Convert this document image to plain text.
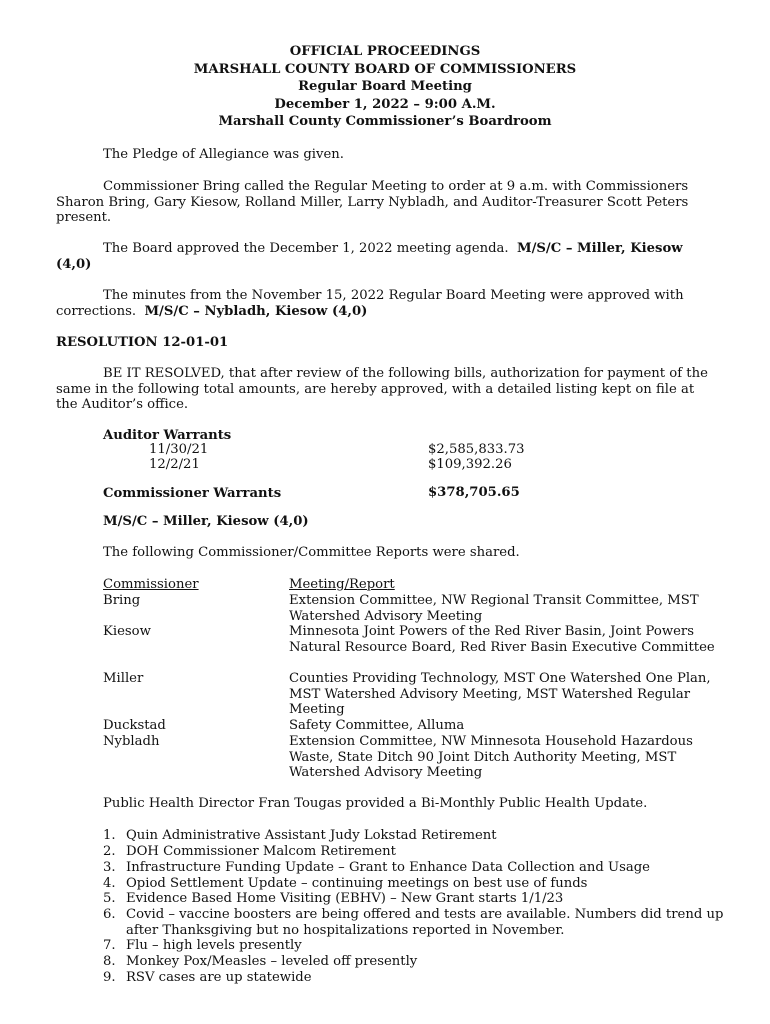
OFFICIAL PROCEEDINGS
MARSHALL COUNTY BOARD OF COMMISSIONERS
Regular Board Meeting
December 1, 2022 – 9:00 A.M.
Marshall County Commissioner’s Boardroom
The Pledge of Allegiance was given.
Commissioner Bring called the Regular Meeting to order at 9 a.m. with Commissioners Sharon Bring, Gary Kiesow, Rolland Miller, Larry Nybladh, and Auditor-Treasurer Scott Peters present.
The Board approved the December 1, 2022 meeting agenda. M/S/C – Miller, Kiesow (4,0)
The minutes from the November 15, 2022 Regular Board Meeting were approved with corrections. M/S/C – Nybladh, Kiesow (4,0)
RESOLUTION 12-01-01
BE IT RESOLVED, that after review of the following bills, authorization for payment of the same in the following total amounts, are hereby approved, with a detailed listing kept on file at the Auditor’s office.
Auditor Warrants
11/30/21	$2,585,833.73
12/2/21	$109,392.26
Commissioner Warrants	$378,705.65
M/S/C – Miller, Kiesow (4,0)
The following Commissioner/Committee Reports were shared.
Commissioner	Meeting/Report
Bring	Extension Committee, NW Regional Transit Committee, MST Watershed Advisory Meeting
Kiesow	Minnesota Joint Powers of the Red River Basin, Joint Powers Natural Resource Board, Red River Basin Executive Committee
Miller	Counties Providing Technology, MST One Watershed One Plan, MST Watershed Advisory Meeting, MST Watershed Regular Meeting
Duckstad	Safety Committee, Alluma
Nybladh	Extension Committee, NW Minnesota Household Hazardous Waste, State Ditch 90 Joint Ditch Authority Meeting, MST Watershed Advisory Meeting
Public Health Director Fran Tougas provided a Bi-Monthly Public Health Update.
1. Quin Administrative Assistant Judy Lokstad Retirement
2. DOH Commissioner Malcom Retirement
3. Infrastructure Funding Update – Grant to Enhance Data Collection and Usage
4. Opiod Settlement Update – continuing meetings on best use of funds
5. Evidence Based Home Visiting (EBHV) – New Grant starts 1/1/23
6. Covid – vaccine boosters are being offered and tests are available. Numbers did trend up after Thanksgiving but no hospitalizations reported in November.
7. Flu – high levels presently
8. Monkey Pox/Measles – leveled off presently
9. RSV cases are up statewide
